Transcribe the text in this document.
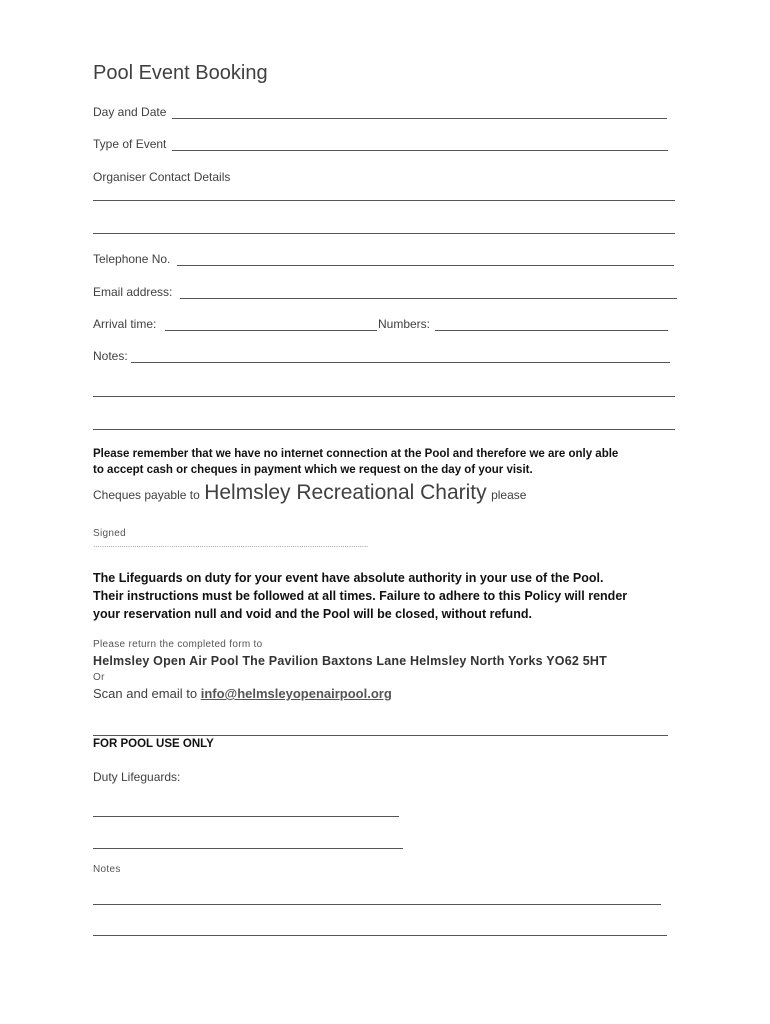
Pool Event Booking
Day and Date
Type of Event
Organiser Contact Details
Telephone No.
Email address:
Arrival time:	Numbers:
Notes:
Please remember that we have no internet connection at the Pool and therefore we are only able
to accept cash or cheques in payment which we request on the day of your visit.
Cheques payable to Helmsley Recreational Charity please
Signed
……………………………………………………………………………………………………………….
The Lifeguards on duty for your event have absolute authority in your use of the Pool.
Their instructions must be followed at all times. Failure to adhere to this Policy will render
your reservation null and void and the Pool will be closed, without refund.
Please return the completed form to
Helmsley Open Air Pool The Pavilion Baxtons Lane Helmsley North Yorks YO62 5HT
Or
Scan and email to info@helmsleyopenairpool.org
FOR POOL USE ONLY
Duty Lifeguards:
Notes
